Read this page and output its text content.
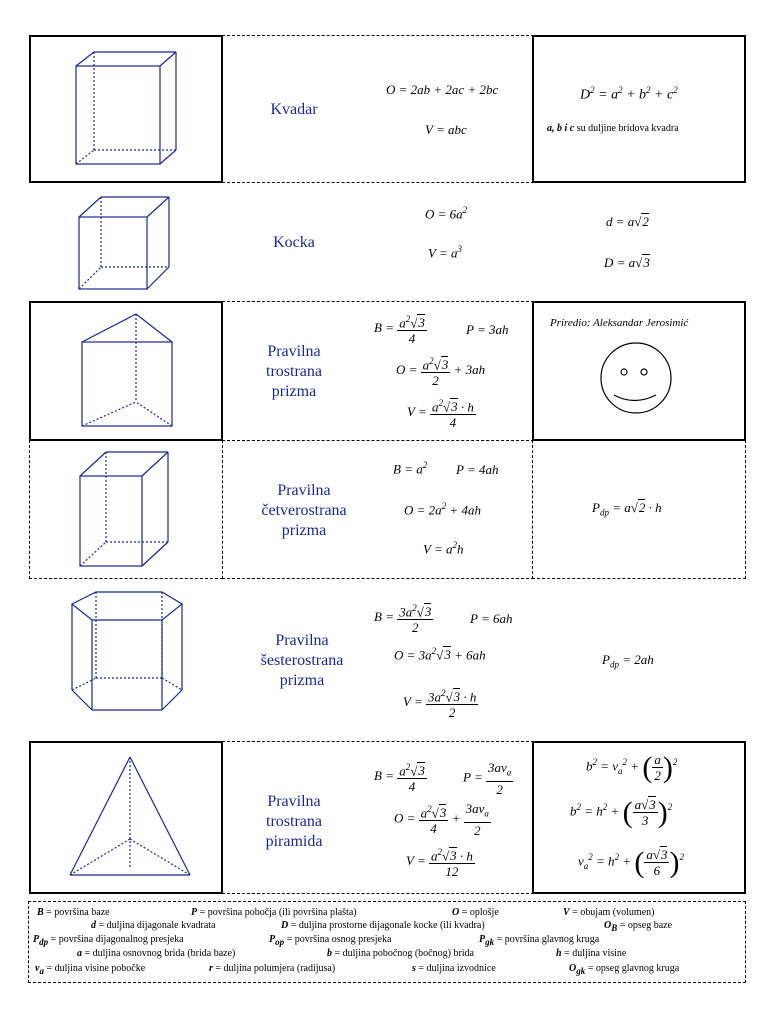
Kvadar
O = 2ab + 2ac + 2bc
V = abc
$D^2 = a^2 + b^2 + c^2$
a, b i c su duljine bridova kvadra
Kocka
$O = 6a^2$
$V = a^3$
d = a√2
D = a√3
Pravilna
trostrana
prizma
$B = \frac{a^2√3}{4}$	P = 3ah
$O = \frac{a^2√3}{2} + 3ah$
$V = \frac{a^2√3 \cdot h}{4}$
Priredio: Aleksandar Jerosimić
Pravilna
četverostrana
prizma
$B = a^2$ P = 4ah
$O = 2a^2 + 4ah$
$V = a^2h$
$P_{dp} = a√2 \cdot h$
Pravilna
šesterostrana
prizma
$B = \frac{3a^2√3}{2}$	P = 6ah
$O = 3a^2√3 + 6ah$
$V = \frac{3a^2√3 \cdot h}{2}$
$P_{dp} = 2ah$
Pravilna
trostrana
piramida
$B = \frac{a^2√3}{4}$	$P = \frac{3av_a}{2}$
$O = \frac{a^2√3}{4} + \frac{3av_a}{2}$
$V = \frac{a^2√3 \cdot h}{12}$
$b^2 = v_a^2$ + ( $\frac{a}{2} )^2$
$b^2 = h^2$ + ( $\frac{a√3}{3} )^2$
$v_a^2 = h^2$ + ( $\frac{a√3}{6} )^2$
B = površina baze	P = površina pobočja (ili površina plašta)	O = oplošje	V = obujam (volumen)
d = duljina dijagonale kvadrata	D = duljina prostorne dijagonale kocke (ili kvadra)	$O_B$ = opseg baze
$P_{dp}$ = površina dijagonalnog presjeka	$P_{op}$ = površina osnog presjeka	$P_{gk}$ = površina glavnog kruga
a = duljina osnovnog brida (brida baze)	b = duljina pobočnog (bočnog) brida	h = duljina visine
$v_a$ = duljina visine pobočke	r = duljina polumjera (radijusa)	s = duljina izvodnice	$O_{gk}$ = opseg glavnog kruga
